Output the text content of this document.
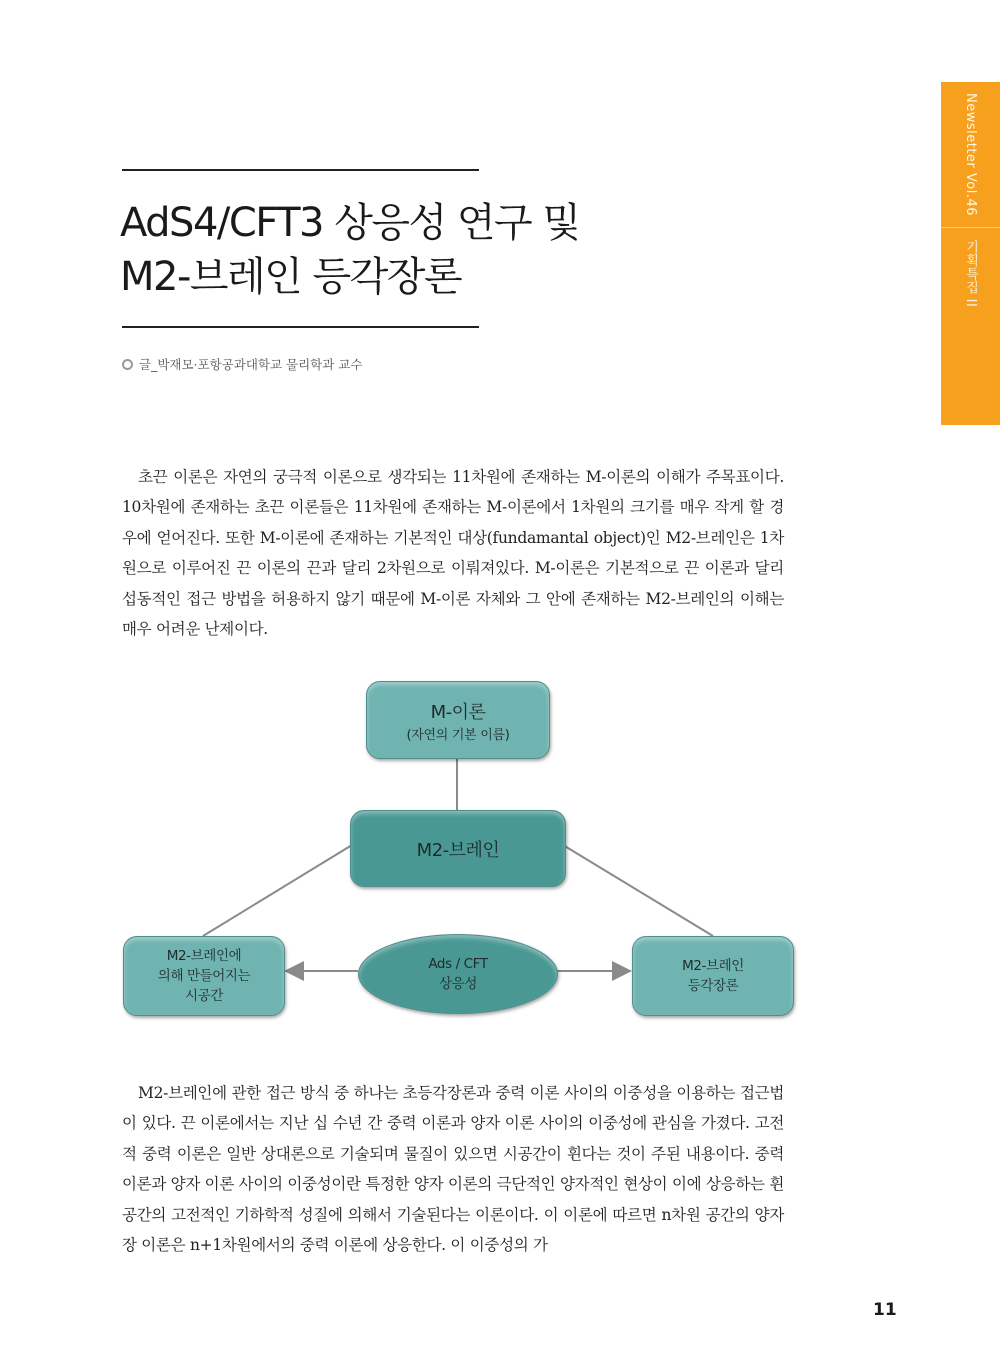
Newsletter Vol.46
기획특집 II
AdS4/CFT3 상응성 연구 및
M2-브레인 등각장론
글_박재모·포항공과대학교 물리학과 교수

초끈 이론은 자연의 궁극적 이론으로 생각되는 11차원에 존재하는 M-이론의 이해가 주목표이다. 10차원에 존재하는 초끈 이론들은 11차원에 존재하는 M-이론에서 1차원의 크기를 매우 작게 할 경우에 얻어진다. 또한 M-이론에 존재하는 기본적인 대상(fundamantal object)인 M2-브레인은 1차원으로 이루어진 끈 이론의 끈과 달리 2차원으로 이뤄져있다. M-이론은 기본적으로 끈 이론과 달리 섭동적인 접근 방법을 허용하지 않기 때문에 M-이론 자체와 그 안에 존재하는 M2-브레인의 이해는 매우 어려운 난제이다.

M-이론
(자연의 기본 이름)
M2-브레인
M2-브레인에
의해 만들어지는
시공간
Ads / CFT
상응성
M2-브레인
등각장론

M2-브레인에 관한 접근 방식 중 하나는 초등각장론과 중력 이론 사이의 이중성을 이용하는 접근법이 있다. 끈 이론에서는 지난 십 수년 간 중력 이론과 양자 이론 사이의 이중성에 관심을 가졌다. 고전적 중력 이론은 일반 상대론으로 기술되며 물질이 있으면 시공간이 휜다는 것이 주된 내용이다. 중력 이론과 양자 이론 사이의 이중성이란 특정한 양자 이론의 극단적인 양자적인 현상이 이에 상응하는 휜 공간의 고전적인 기하학적 성질에 의해서 기술된다는 이론이다. 이 이론에 따르면 n차원 공간의 양자장 이론은 n+1차원에서의 중력 이론에 상응한다. 이 이중성의 가

11
